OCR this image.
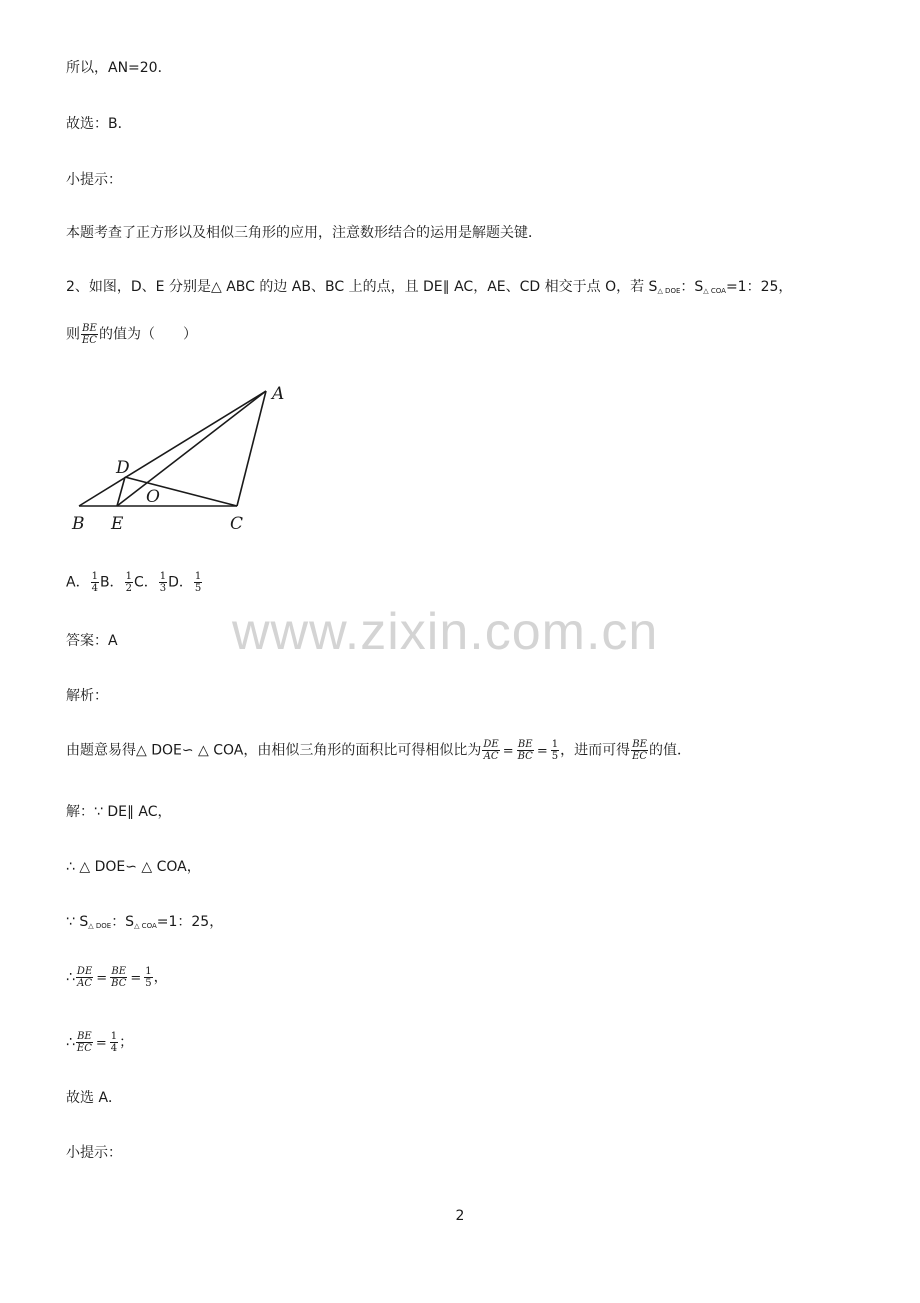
所以，AN=20．
故选：B．
小提示：
本题考查了正方形以及相似三角形的应用，注意数形结合的运用是解题关键．
2、如图，D、E 分别是△ ABC 的边 AB、BC 上的点，且 DE∥ AC，AE、CD 相交于点 O，若 $S_{\triangle DOE}$：$S_{\triangle COA}=1$：25，
则 $\frac{BE}{EC}$ 的值为（　　）
A
B	C
D
E
O
A． $\frac{1}{4}$ B． $\frac{1}{2}$ C． $\frac{1}{3}$ D． $\frac{1}{5}$
www.zixin.com.cn
答案：A
解析：
由题意易得△ DOE∽ △ COA，由相似三角形的面积比可得相似比为 $\frac{DE}{AC} = \frac{BE}{BC} = \frac{1}{5}$ ，进而可得 $\frac{BE}{EC}$ 的值．
解：∵ DE∥ AC，
∴ △ DOE∽ △ COA，
∵ $S_{\triangle DOE}$：$S_{\triangle COA}=1$：25，
∴ $\frac{DE}{AC} = \frac{BE}{BC} = \frac{1}{5}$ ，
∴ $\frac{BE}{EC} = \frac{1}{4}$ ；
故选 A．
小提示：
2
